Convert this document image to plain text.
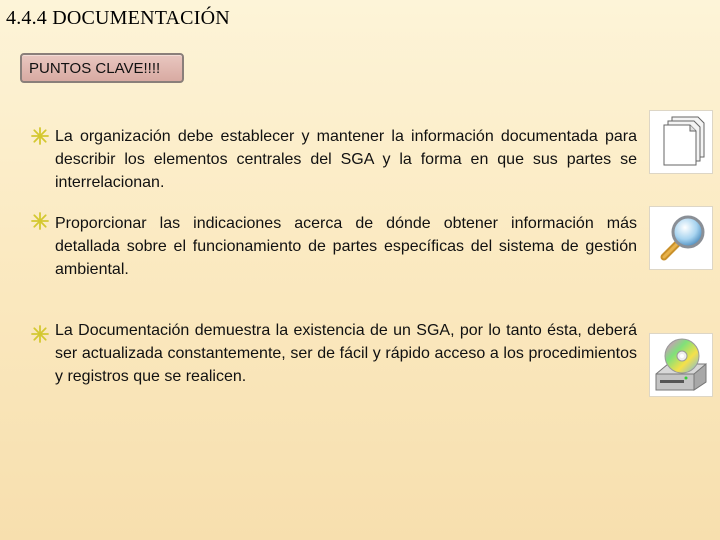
4.4.4 DOCUMENTACIÓN
PUNTOS CLAVE!!!!
La organización debe establecer y mantener la información documentada para describir los elementos centrales del SGA y la forma en que sus partes se interrelacionan.
Proporcionar las indicaciones acerca de dónde obtener información más detallada sobre el funcionamiento de partes específicas del sistema de gestión ambiental.
La Documentación demuestra la existencia de un SGA, por lo tanto ésta, deberá ser actualizada constantemente, ser de fácil y rápido acceso a los procedimientos y registros que se realicen.
